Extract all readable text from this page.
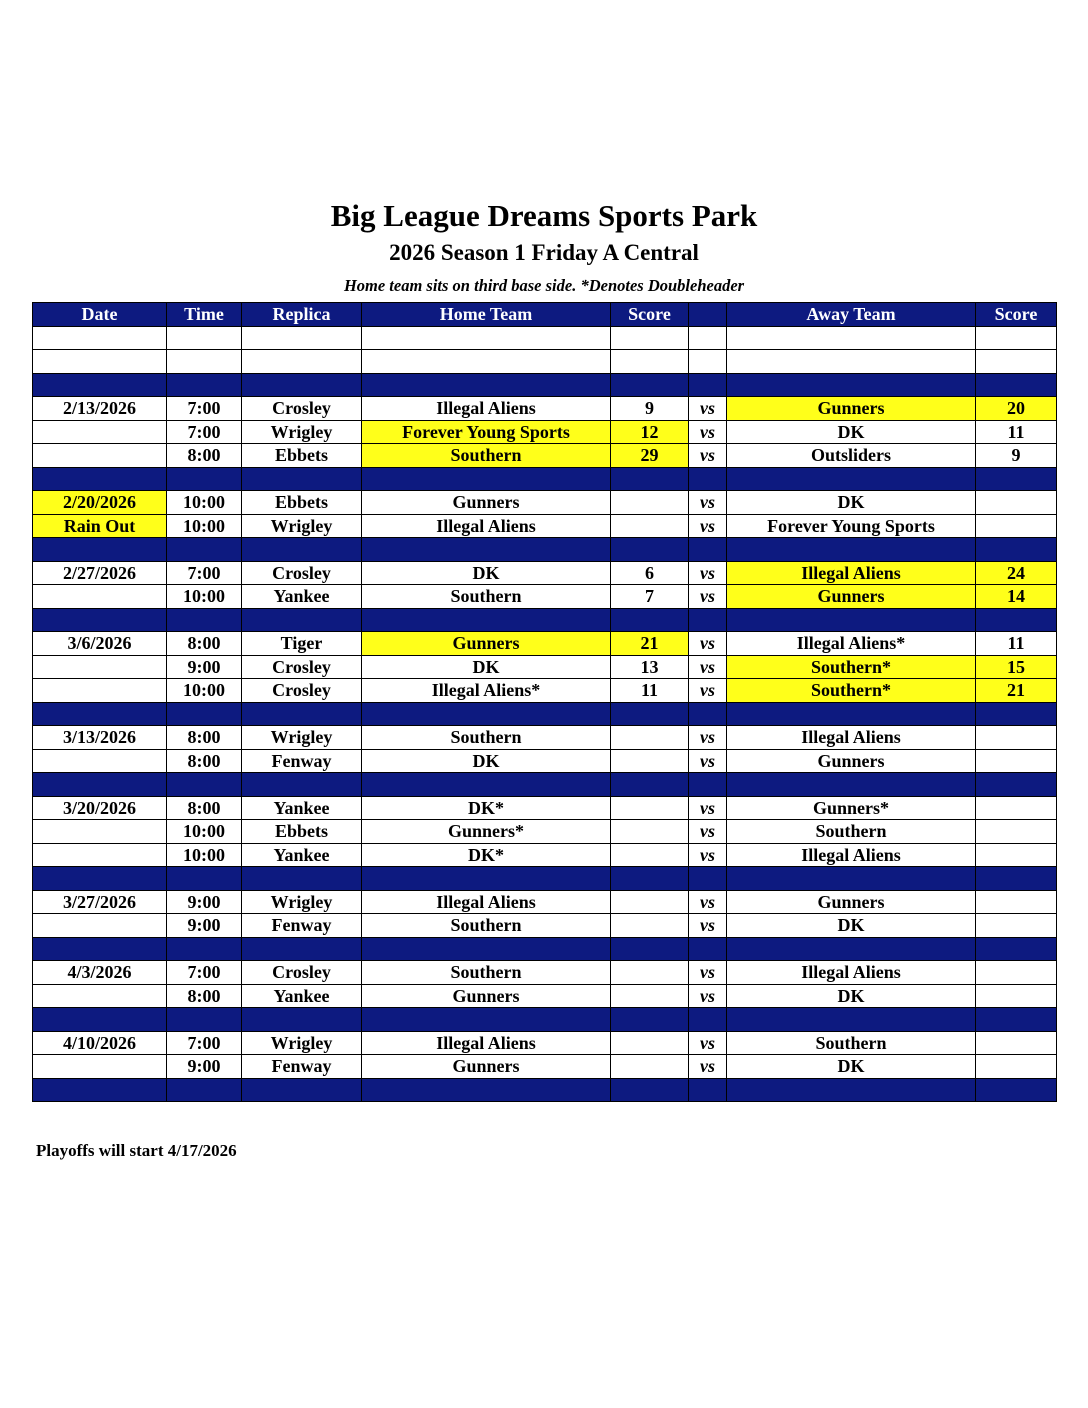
Big League Dreams Sports Park
2026 Season 1 Friday A Central
Home team sits on third base side. *Denotes Doubleheader
Date	Time	Replica	Home Team	Score		Away Team	Score

2/13/2026	7:00	Crosley	Illegal Aliens	9	vs	Gunners	20
	7:00	Wrigley	Forever Young Sports	12	vs	DK	11
	8:00	Ebbets	Southern	29	vs	Outsliders	9

2/20/2026	10:00	Ebbets	Gunners		vs	DK	
Rain Out	10:00	Wrigley	Illegal Aliens		vs	Forever Young Sports	

2/27/2026	7:00	Crosley	DK	6	vs	Illegal Aliens	24
	10:00	Yankee	Southern	7	vs	Gunners	14

3/6/2026	8:00	Tiger	Gunners	21	vs	Illegal Aliens*	11
	9:00	Crosley	DK	13	vs	Southern*	15
	10:00	Crosley	Illegal Aliens*	11	vs	Southern*	21

3/13/2026	8:00	Wrigley	Southern		vs	Illegal Aliens	
	8:00	Fenway	DK		vs	Gunners	

3/20/2026	8:00	Yankee	DK*		vs	Gunners*	
	10:00	Ebbets	Gunners*		vs	Southern	
	10:00	Yankee	DK*		vs	Illegal Aliens	

3/27/2026	9:00	Wrigley	Illegal Aliens		vs	Gunners	
	9:00	Fenway	Southern		vs	DK	

4/3/2026	7:00	Crosley	Southern		vs	Illegal Aliens	
	8:00	Yankee	Gunners		vs	DK	

4/10/2026	7:00	Wrigley	Illegal Aliens		vs	Southern	
	9:00	Fenway	Gunners		vs	DK	

Playoffs will start 4/17/2026
